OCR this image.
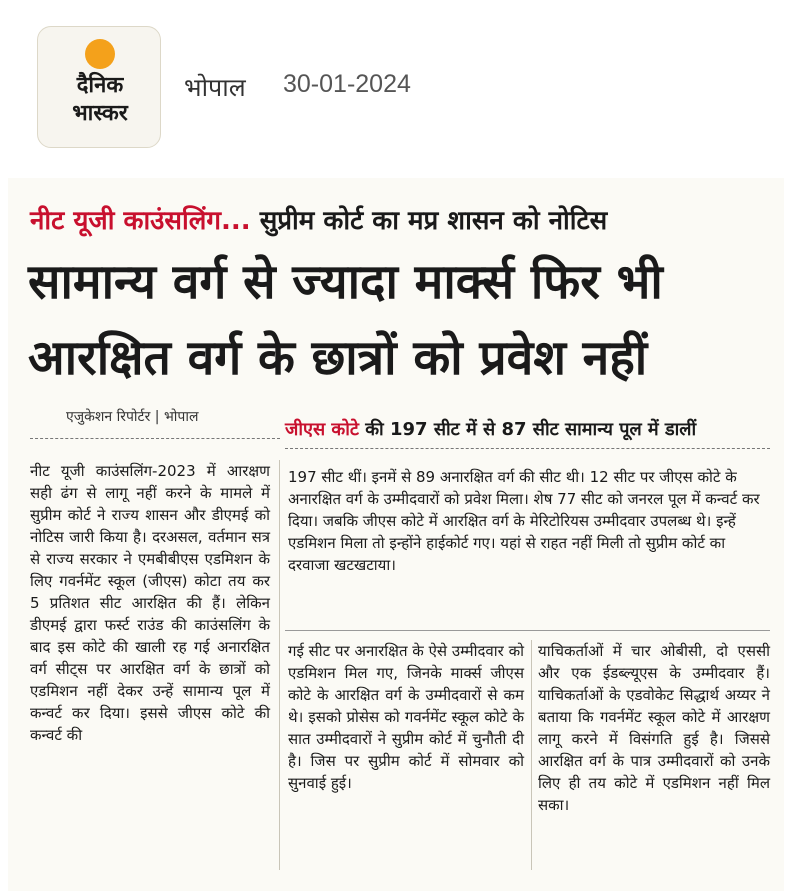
दैनिक
भास्कर
भोपाल 30-01-2024
नीट यूजी काउंसलिंग... सुप्रीम कोर्ट का मप्र शासन को नोटिस
सामान्य वर्ग से ज्यादा मार्क्स फिर भी
आरक्षित वर्ग के छात्रों को प्रवेश नहीं
एजुकेशन रिपोर्टर | भोपाल
जीएस कोटे की 197 सीट में से 87 सीट सामान्य पूल में डालीं
नीट यूजी काउंसलिंग-2023 में आरक्षण सही ढंग से लागू नहीं करने के मामले में सुप्रीम कोर्ट ने राज्य शासन और डीएमई को नोटिस जारी किया है। दरअसल, वर्तमान सत्र से राज्य सरकार ने एमबीबीएस एडमिशन के लिए गवर्नमेंट स्कूल (जीएस) कोटा तय कर 5 प्रतिशत सीट आरक्षित की हैं। लेकिन डीएमई द्वारा फर्स्ट राउंड की काउंसलिंग के बाद इस कोटे की खाली रह गई अनारक्षित वर्ग सीट्स पर आरक्षित वर्ग के छात्रों को एडमिशन नहीं देकर उन्हें सामान्य पूल में कन्वर्ट कर दिया। इससे जीएस कोटे की कन्वर्ट की
197 सीट थीं। इनमें से 89 अनारक्षित वर्ग की सीट थी। 12 सीट पर जीएस कोटे के अनारक्षित वर्ग के उम्मीदवारों को प्रवेश मिला। शेष 77 सीट को जनरल पूल में कन्वर्ट कर दिया। जबकि जीएस कोटे में आरक्षित वर्ग के मेरिटोरियस उम्मीदवार उपलब्ध थे। इन्हें एडमिशन मिला तो इन्होंने हाईकोर्ट गए। यहां से राहत नहीं मिली तो सुप्रीम कोर्ट का दरवाजा खटखटाया।
गई सीट पर अनारक्षित के ऐसे उम्मीदवार को एडमिशन मिल गए, जिनके मार्क्स जीएस कोटे के आरक्षित वर्ग के उम्मीदवारों से कम थे। इसको प्रोसेस को गवर्नमेंट स्कूल कोटे के सात उम्मीदवारों ने सुप्रीम कोर्ट में चुनौती दी है। जिस पर सुप्रीम कोर्ट में सोमवार को सुनवाई हुई।
याचिकर्ताओं में चार ओबीसी, दो एससी और एक ईडब्ल्यूएस के उम्मीदवार हैं। याचिकर्ताओं के एडवोकेट सिद्धार्थ अय्यर ने बताया कि गवर्नमेंट स्कूल कोटे में आरक्षण लागू करने में विसंगति हुई है। जिससे आरक्षित वर्ग के पात्र उम्मीदवारों को उनके लिए ही तय कोटे में एडमिशन नहीं मिल सका।
